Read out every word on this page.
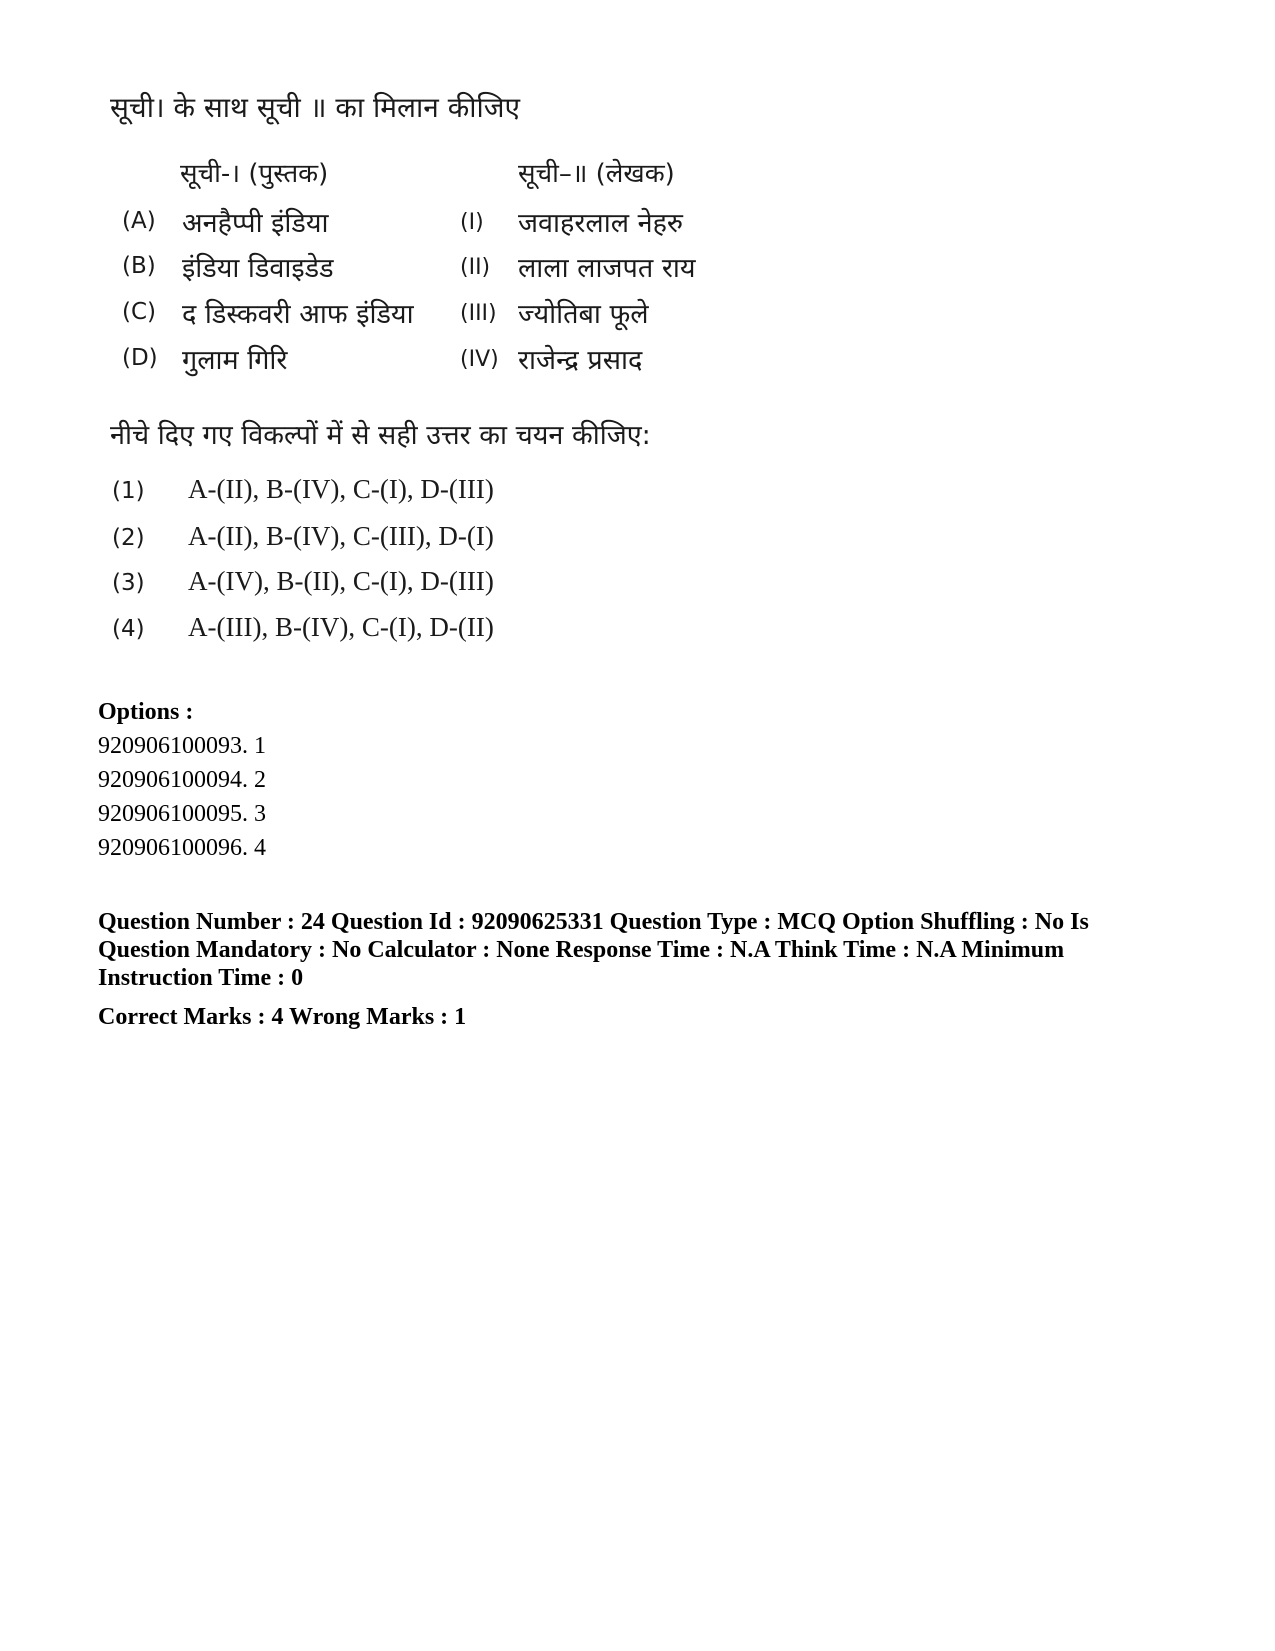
सूची। के साथ सूची ॥ का मिलान कीजिए
सूची-। (पुस्तक)	सूची–॥ (लेखक)
(A) अनहैप्पी इंडिया	(I) जवाहरलाल नेहरु
(B) इंडिया डिवाइडेड	(II) लाला लाजपत राय
(C) द डिस्कवरी आफ इंडिया (III) ज्योतिबा फूले
(D) गुलाम गिरि	(IV) राजेन्द्र प्रसाद
नीचे दिए गए विकल्पों में से सही उत्तर का चयन कीजिए:
(1) A-(II), B-(IV), C-(I), D-(III)
(2) A-(II), B-(IV), C-(III), D-(I)
(3) A-(IV), B-(II), C-(I), D-(III)
(4) A-(III), B-(IV), C-(I), D-(II)
Options :
920906100093. 1
920906100094. 2
920906100095. 3
920906100096. 4
Question Number : 24 Question Id : 92090625331 Question Type : MCQ Option Shuffling : No Is Question Mandatory : No Calculator : None Response Time : N.A Think Time : N.A Minimum Instruction Time : 0
Correct Marks : 4 Wrong Marks : 1
